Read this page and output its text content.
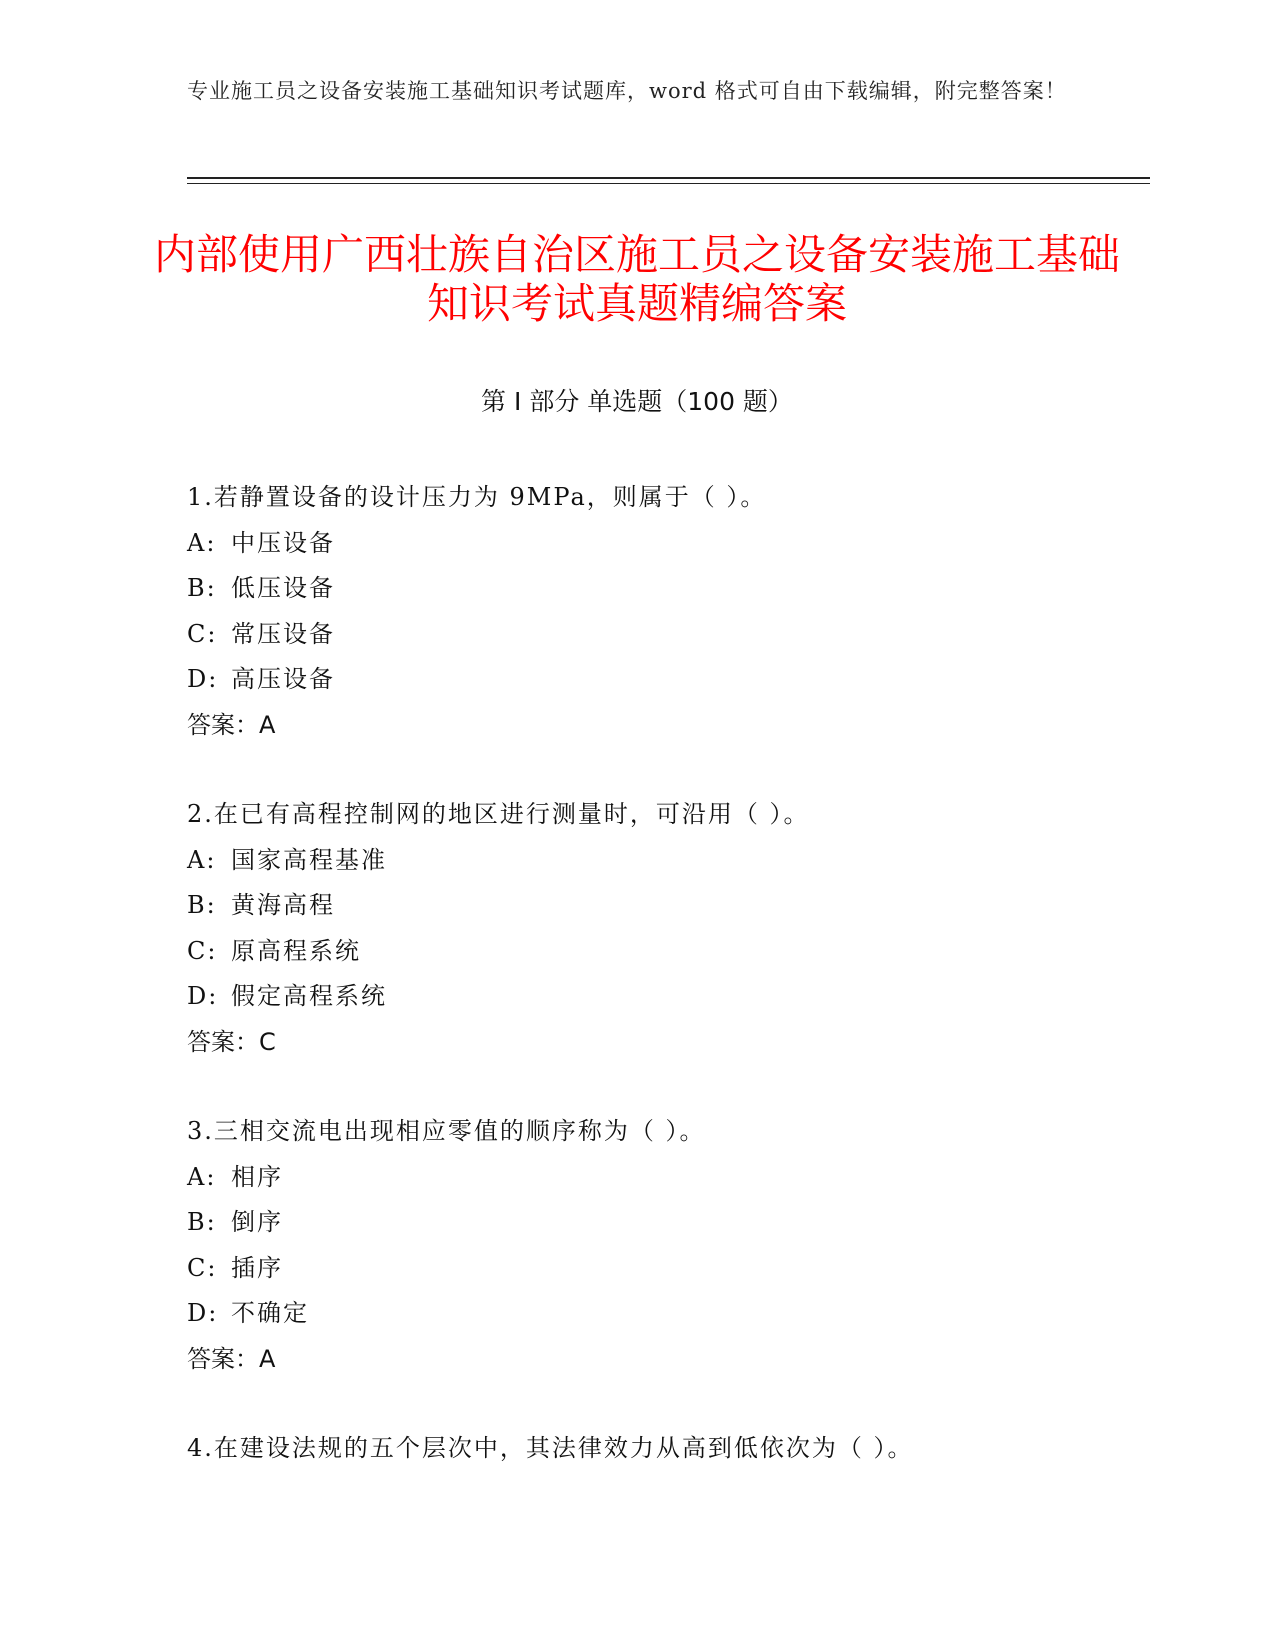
专业施工员之设备安装施工基础知识考试题库，word 格式可自由下载编辑，附完整答案！
内部使用广西壮族自治区施工员之设备安装施工基础知识考试真题精编答案
第 I 部分 单选题（100 题）
1.若静置设备的设计压力为 9MPa，则属于（ ）。
A: 中压设备
B: 低压设备
C: 常压设备
D: 高压设备
答案：A
2.在已有高程控制网的地区进行测量时，可沿用（ ）。
A: 国家高程基准
B: 黄海高程
C: 原高程系统
D: 假定高程系统
答案：C
3.三相交流电出现相应零值的顺序称为（ ）。
A: 相序
B: 倒序
C: 插序
D: 不确定
答案：A
4.在建设法规的五个层次中，其法律效力从高到低依次为（ ）。
